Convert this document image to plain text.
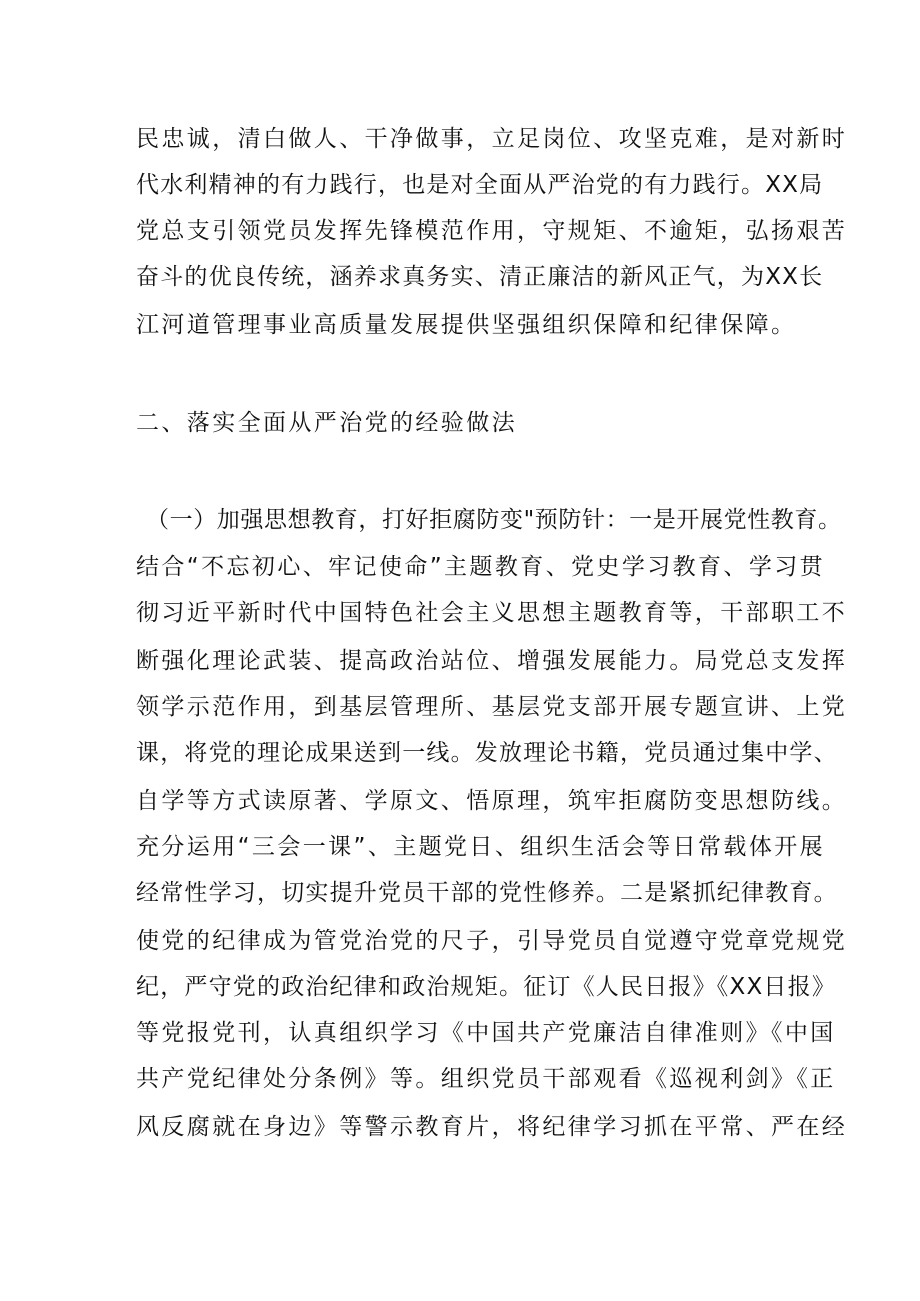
民忠诚，清白做人、干净做事，立足岗位、攻坚克难，是对新时
代水利精神的有力践行，也是对全面从严治党的有力践行。XX局
党总支引领党员发挥先锋模范作用，守规矩、不逾矩，弘扬艰苦
奋斗的优良传统，涵养求真务实、清正廉洁的新风正气，为XX长
江河道管理事业高质量发展提供坚强组织保障和纪律保障。
二、落实全面从严治党的经验做法
（一）加强思想教育，打好拒腐防变"预防针：一是开展党性教育。
结合“不忘初心、牢记使命”主题教育、党史学习教育、学习贯
彻习近平新时代中国特色社会主义思想主题教育等，干部职工不
断强化理论武装、提高政治站位、增强发展能力。局党总支发挥
领学示范作用，到基层管理所、基层党支部开展专题宣讲、上党
课，将党的理论成果送到一线。发放理论书籍，党员通过集中学、
自学等方式读原著、学原文、悟原理，筑牢拒腐防变思想防线。
充分运用“三会一课”、主题党日、组织生活会等日常载体开展
经常性学习，切实提升党员干部的党性修养。二是紧抓纪律教育。
使党的纪律成为管党治党的尺子，引导党员自觉遵守党章党规党
纪，严守党的政治纪律和政治规矩。征订《人民日报》《XX日报》
等党报党刊，认真组织学习《中国共产党廉洁自律准则》《中国
共产党纪律处分条例》等。组织党员干部观看《巡视利剑》《正
风反腐就在身边》等警示教育片，将纪律学习抓在平常、严在经
